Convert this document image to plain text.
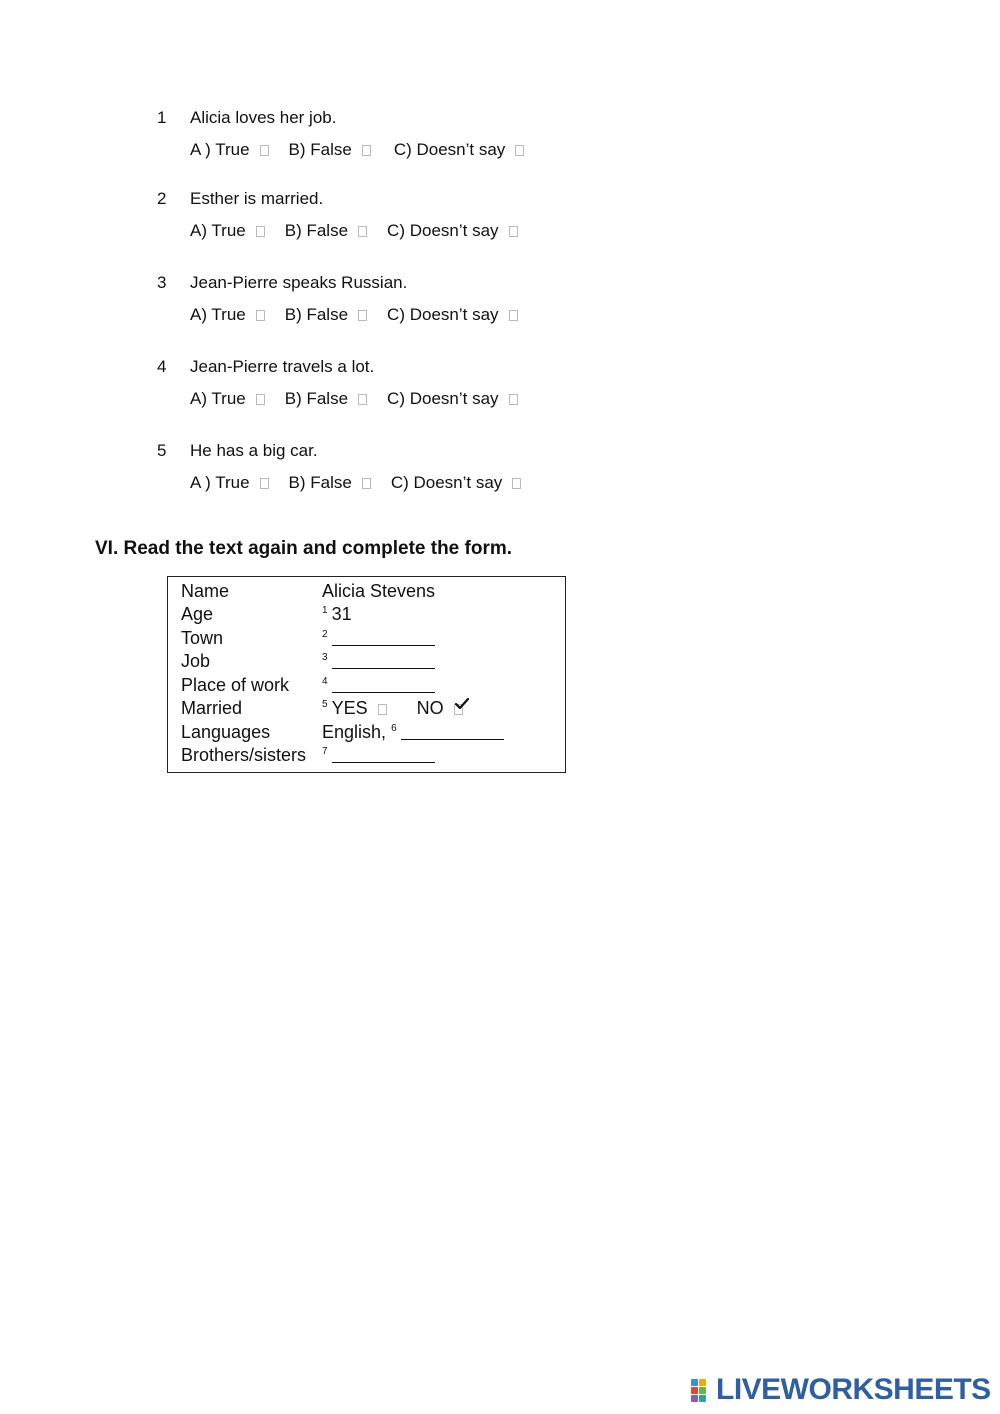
1 Alicia loves her job.
A ) True B) False C) Doesn’t say
2 Esther is married.
A) True B) False C) Doesn’t say
3 Jean-Pierre speaks Russian.
A) True B) False C) Doesn’t say
4 Jean-Pierre travels a lot.
A) True B) False C) Doesn’t say
5 He has a big car.
A ) True B) False C) Doesn’t say
VI. Read the text again and complete the form.
Name	Alicia Stevens
Age	$^1$ 31
Town	$^2$
Job	$^3$
Place of work	$^4$
Married	$^5$ YES	NO
Languages	English, $^6$
Brothers/sisters $^7$
LIVEWORKSHEETS
